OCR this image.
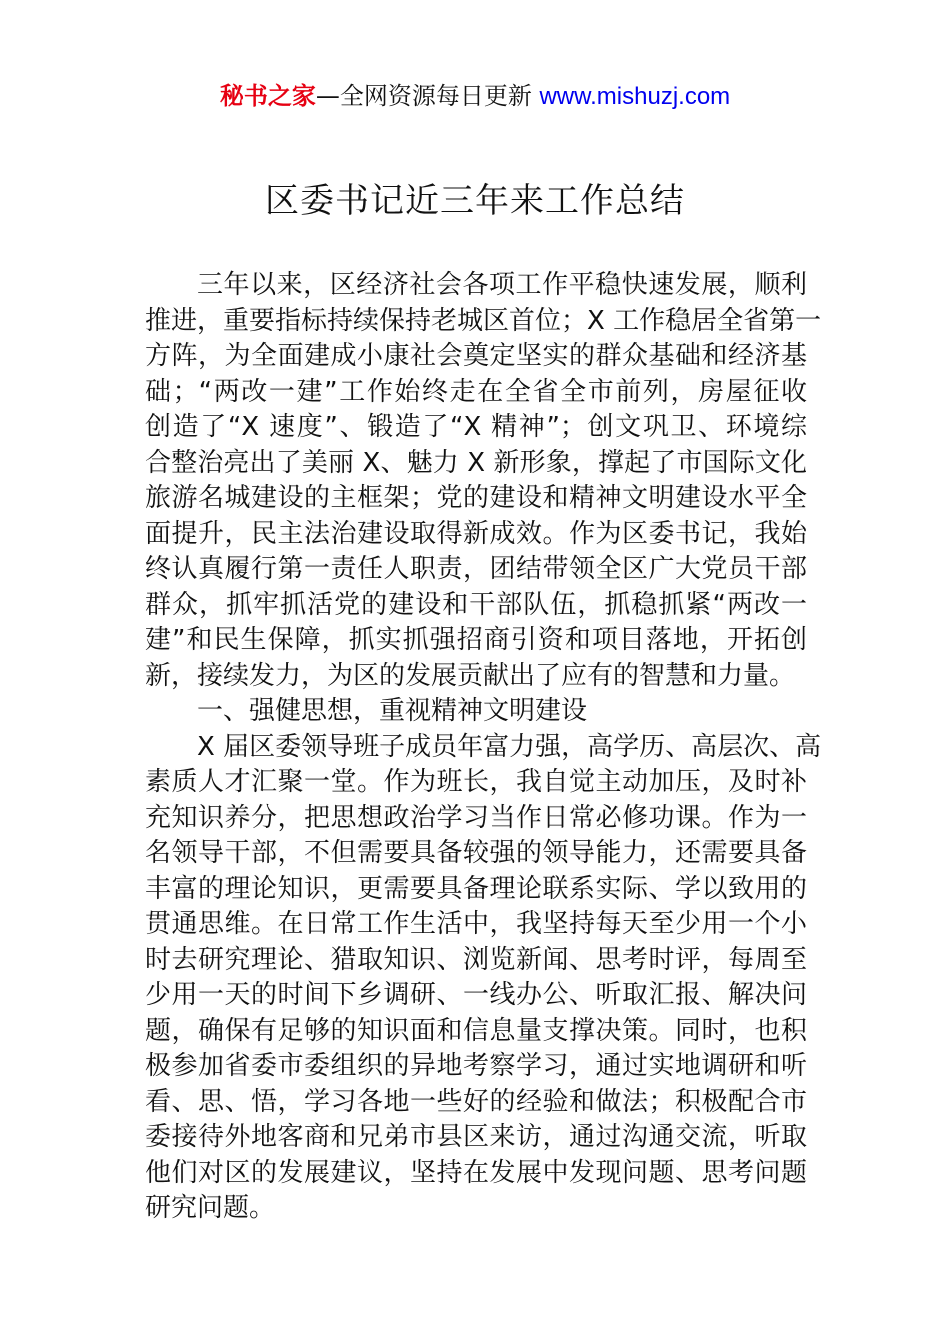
秘书之家—全网资源每日更新 www.mishuzj.com
区委书记近三年来工作总结
三年以来，区经济社会各项工作平稳快速发展，顺利
推进，重要指标持续保持老城区首位；X 工作稳居全省第一
方阵，为全面建成小康社会奠定坚实的群众基础和经济基
础；“两改一建”工作始终走在全省全市前列，房屋征收
创造了“X 速度”、锻造了“X 精神”；创文巩卫、环境综
合整治亮出了美丽 X、魅力 X 新形象，撑起了市国际文化
旅游名城建设的主框架；党的建设和精神文明建设水平全
面提升，民主法治建设取得新成效。作为区委书记，我始
终认真履行第一责任人职责，团结带领全区广大党员干部
群众，抓牢抓活党的建设和干部队伍，抓稳抓紧“两改一
建”和民生保障，抓实抓强招商引资和项目落地，开拓创
新，接续发力，为区的发展贡献出了应有的智慧和力量。
一、强健思想，重视精神文明建设
X 届区委领导班子成员年富力强，高学历、高层次、高
素质人才汇聚一堂。作为班长，我自觉主动加压，及时补
充知识养分，把思想政治学习当作日常必修功课。作为一
名领导干部，不但需要具备较强的领导能力，还需要具备
丰富的理论知识，更需要具备理论联系实际、学以致用的
贯通思维。在日常工作生活中，我坚持每天至少用一个小
时去研究理论、猎取知识、浏览新闻、思考时评，每周至
少用一天的时间下乡调研、一线办公、听取汇报、解决问
题，确保有足够的知识面和信息量支撑决策。同时，也积
极参加省委市委组织的异地考察学习，通过实地调研和听
看、思、悟，学习各地一些好的经验和做法；积极配合市
委接待外地客商和兄弟市县区来访，通过沟通交流，听取
他们对区的发展建议，坚持在发展中发现问题、思考问题
研究问题。
